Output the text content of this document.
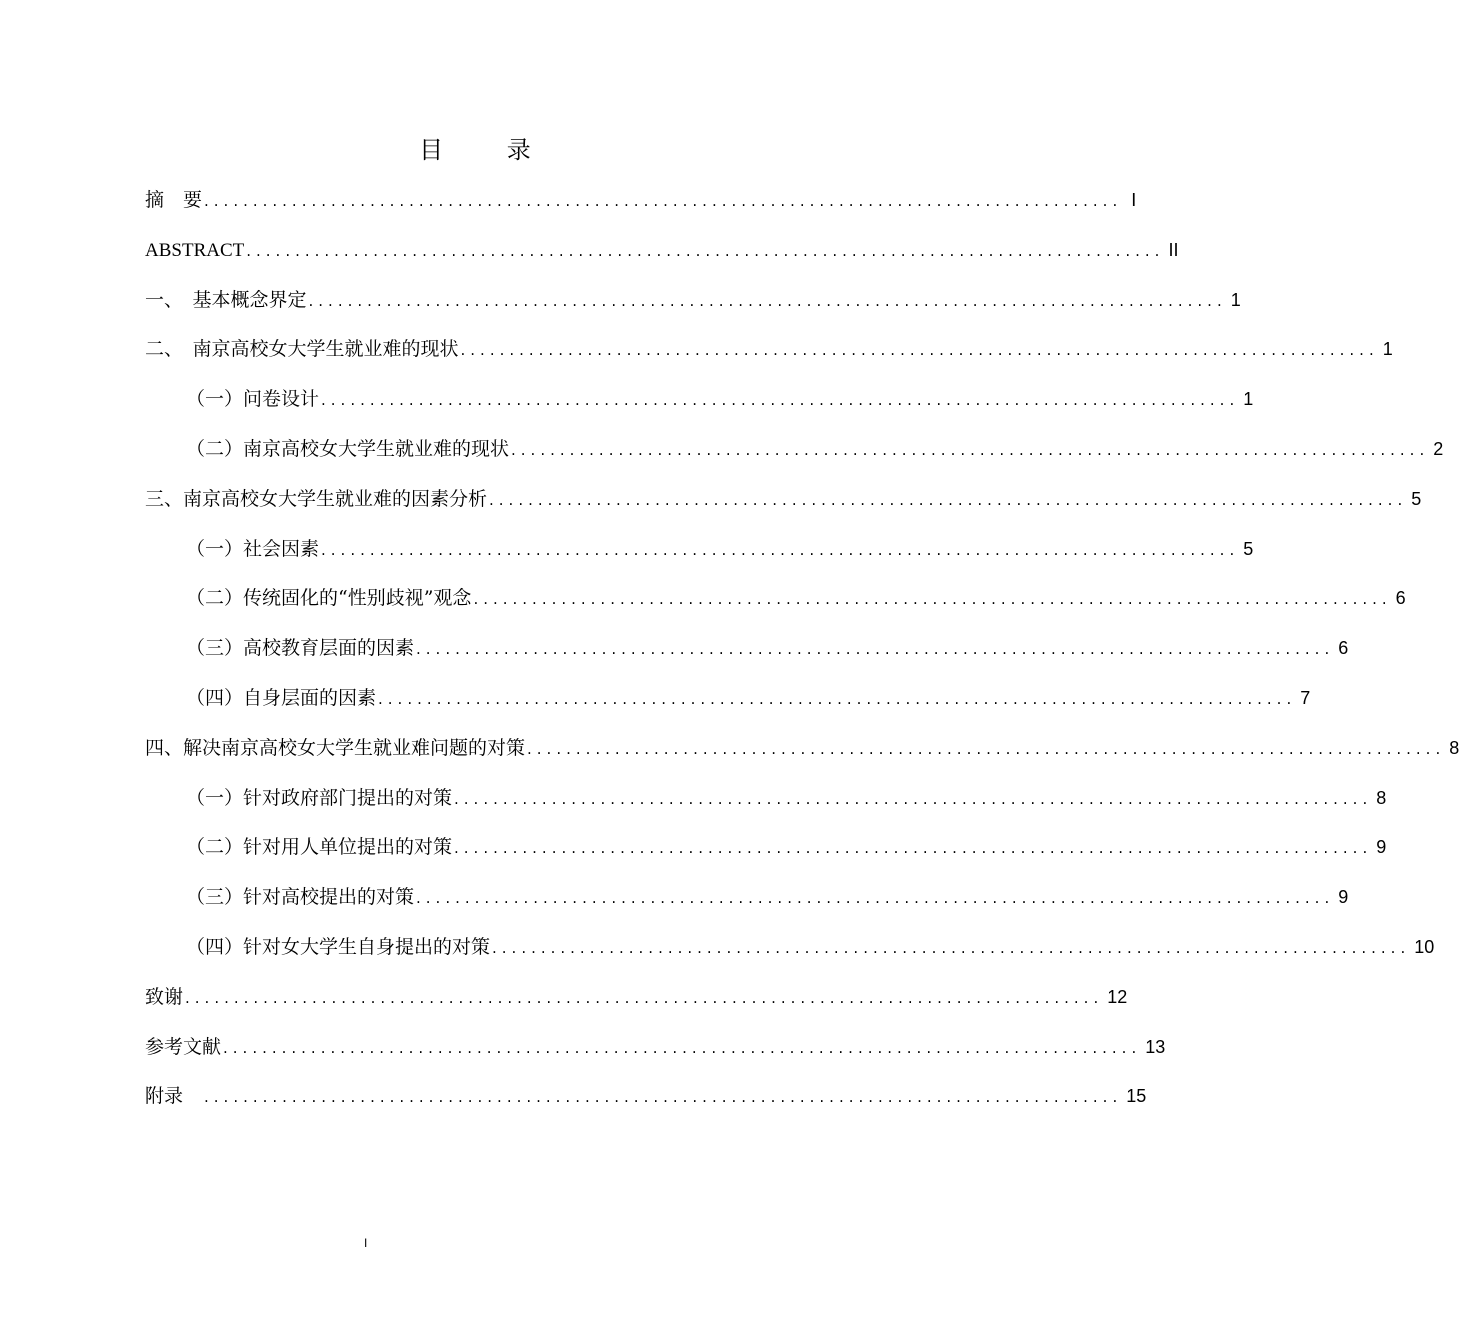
目 录
摘　要 .............................................................................................. I
ABSTRACT .............................................................................................. II
一、　基本概念界定 .............................................................................................. 1
二、　南京高校女大学生就业难的现状 .............................................................................................. 1
（一）问卷设计 .............................................................................................. 1
（二）南京高校女大学生就业难的现状 .............................................................................................. 2
三、南京高校女大学生就业难的因素分析 .............................................................................................. 5
（一）社会因素 .............................................................................................. 5
（二）传统固化的“性别歧视”观念 .............................................................................................. 6
（三）高校教育层面的因素 .............................................................................................. 6
（四）自身层面的因素 .............................................................................................. 7
四、解决南京高校女大学生就业难问题的对策 .............................................................................................. 8
（一）针对政府部门提出的对策 .............................................................................................. 8
（二）针对用人单位提出的对策 .............................................................................................. 9
（三）针对高校提出的对策 .............................................................................................. 9
（四）针对女大学生自身提出的对策 .............................................................................................. 10
致谢 .............................................................................................. 12
参考文献 .............................................................................................. 13
附录　 .............................................................................................. 15
I
